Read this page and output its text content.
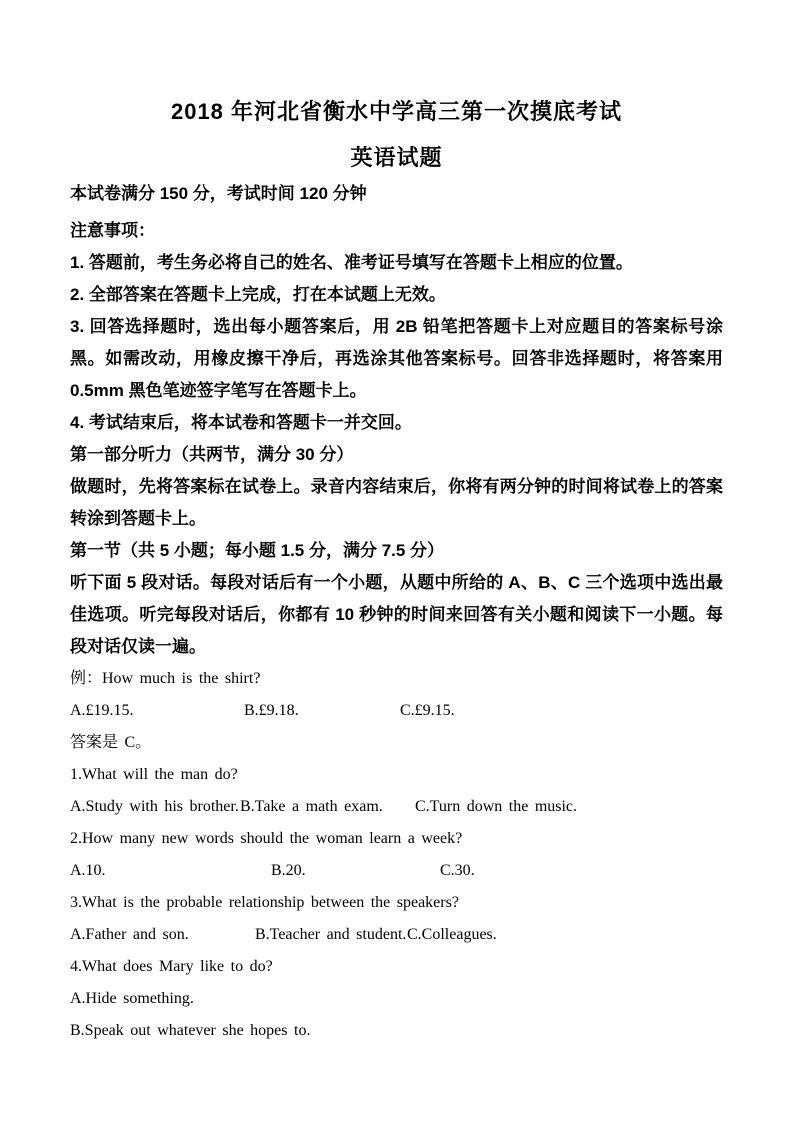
2018 年河北省衡水中学高三第一次摸底考试
英语试题

本试卷满分 150 分，考试时间 120 分钟

注意事项：

1. 答题前，考生务必将自己的姓名、准考证号填写在答题卡上相应的位置。

2. 全部答案在答题卡上完成，打在本试题上无效。

3. 回答选择题时，选出每小题答案后，用 2B 铅笔把答题卡上对应题目的答案标号涂黑。如需改动，用橡皮擦干净后，再选涂其他答案标号。回答非选择题时，将答案用 0.5mm 黑色笔迹签字笔写在答题卡上。

4. 考试结束后，将本试卷和答题卡一并交回。

第一部分听力（共两节，满分 30 分）

做题时，先将答案标在试卷上。录音内容结束后，你将有两分钟的时间将试卷上的答案转涂到答题卡上。

第一节（共 5 小题；每小题 1.5 分，满分 7.5 分）

听下面 5 段对话。每段对话后有一个小题，从题中所给的 A、B、C 三个选项中选出最佳选项。听完每段对话后，你都有 10 秒钟的时间来回答有关小题和阅读下一小题。每段对话仅读一遍。

例：How much is the shirt?

A.£19.15.	B.£9.18.	C.£9.15.

答案是 C。

1.What will the man do?

A.Study with his brother. B.Take a math exam.	C.Turn down the music.

2.How many new words should the woman learn a week?

A.10.	B.20.	C.30.

3.What is the probable relationship between the speakers?

A.Father and son.	B.Teacher and student. C.Colleagues.

4.What does Mary like to do?

A.Hide something.

B.Speak out whatever she hopes to.
